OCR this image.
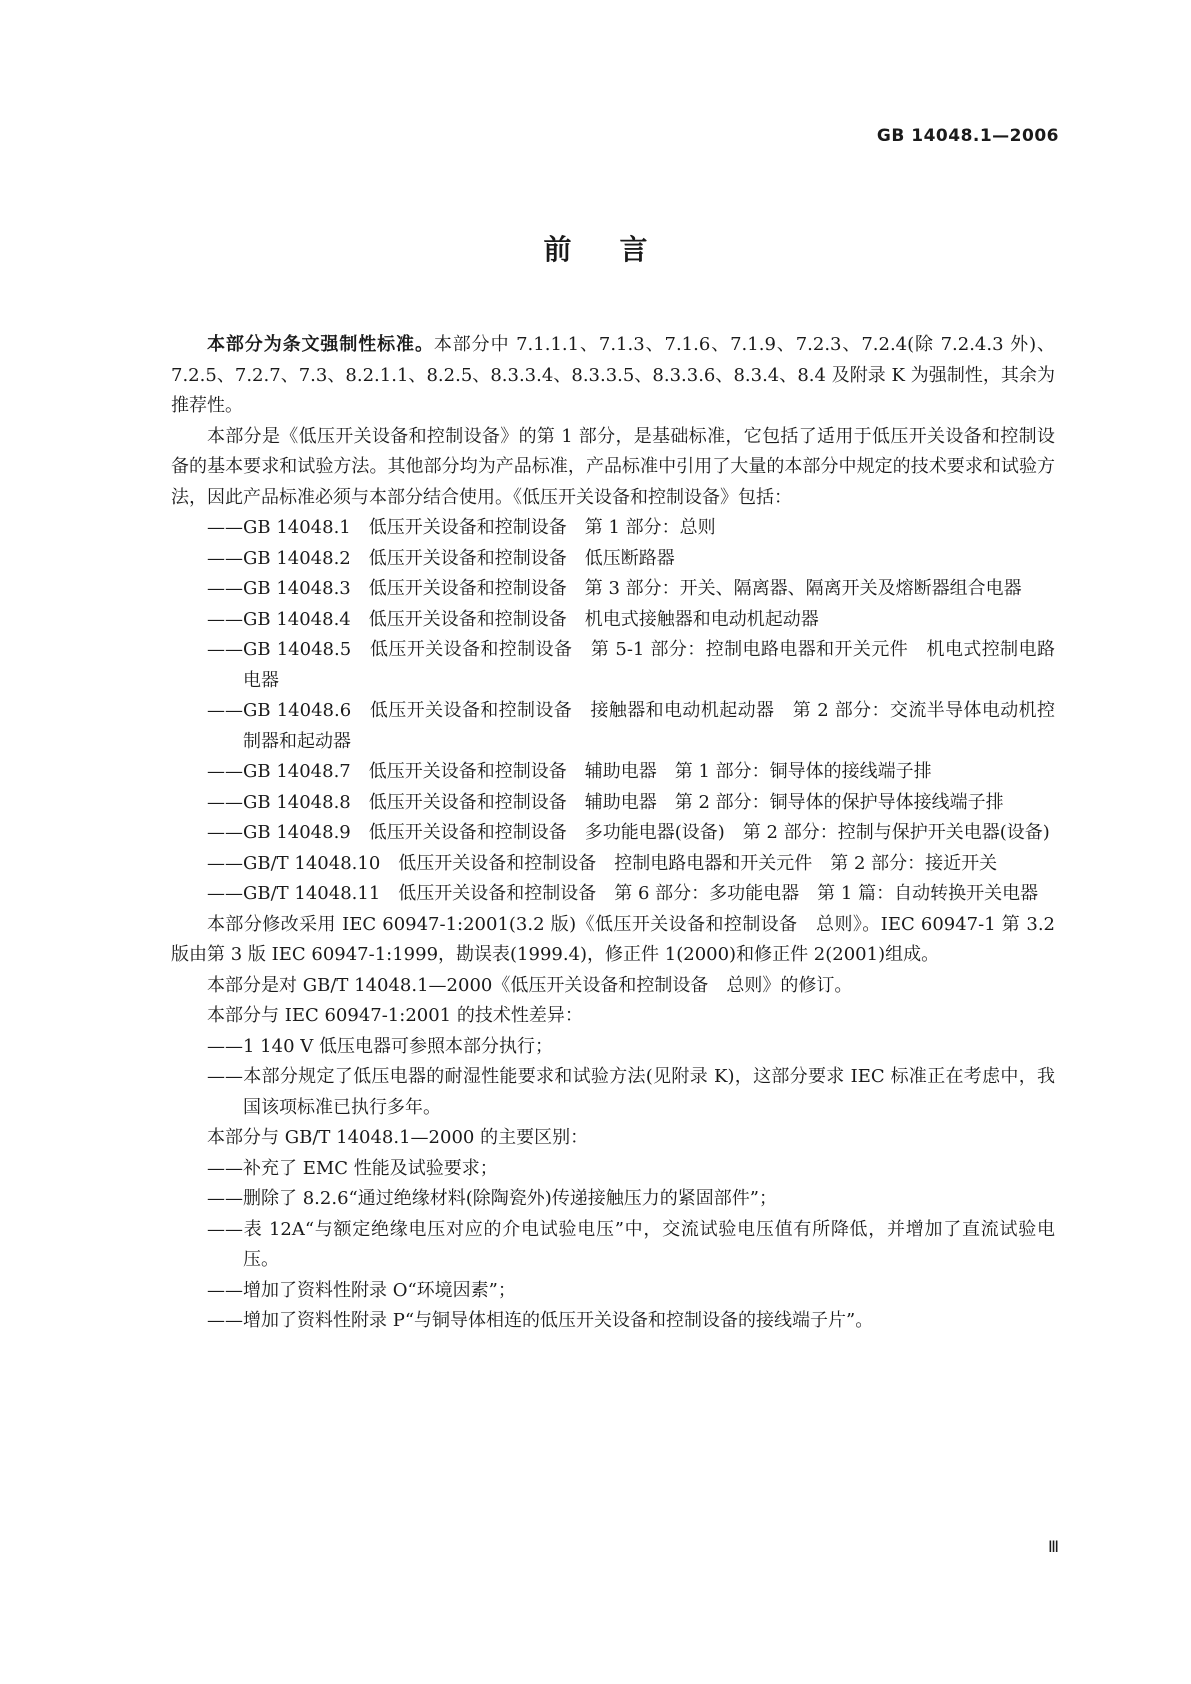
GB 14048.1—2006
前言

本部分为条文强制性标准。本部分中 7.1.1.1、7.1.3、7.1.6、7.1.9、7.2.3、7.2.4(除 7.2.4.3 外)、7.2.5、7.2.7、7.3、8.2.1.1、8.2.5、8.3.3.4、8.3.3.5、8.3.3.6、8.3.4、8.4 及附录 K 为强制性，其余为推荐性。

本部分是《低压开关设备和控制设备》的第 1 部分，是基础标准，它包括了适用于低压开关设备和控制设备的基本要求和试验方法。其他部分均为产品标准，产品标准中引用了大量的本部分中规定的技术要求和试验方法，因此产品标准必须与本部分结合使用。《低压开关设备和控制设备》包括：

——GB 14048.1　低压开关设备和控制设备　第 1 部分：总则

——GB 14048.2　低压开关设备和控制设备　低压断路器

——GB 14048.3　低压开关设备和控制设备　第 3 部分：开关、隔离器、隔离开关及熔断器组合电器

——GB 14048.4　低压开关设备和控制设备　机电式接触器和电动机起动器

——GB 14048.5　低压开关设备和控制设备　第 5-1 部分：控制电路电器和开关元件　机电式控制电路电器

——GB 14048.6　低压开关设备和控制设备　接触器和电动机起动器　第 2 部分：交流半导体电动机控制器和起动器

——GB 14048.7　低压开关设备和控制设备　辅助电器　第 1 部分：铜导体的接线端子排

——GB 14048.8　低压开关设备和控制设备　辅助电器　第 2 部分：铜导体的保护导体接线端子排

——GB 14048.9　低压开关设备和控制设备　多功能电器(设备)　第 2 部分：控制与保护开关电器(设备)

——GB/T 14048.10　低压开关设备和控制设备　控制电路电器和开关元件　第 2 部分：接近开关

——GB/T 14048.11　低压开关设备和控制设备　第 6 部分：多功能电器　第 1 篇：自动转换开关电器

本部分修改采用 IEC 60947-1:2001(3.2 版)《低压开关设备和控制设备　总则》。IEC 60947-1 第 3.2 版由第 3 版 IEC 60947-1:1999，勘误表(1999.4)，修正件 1(2000)和修正件 2(2001)组成。

本部分是对 GB/T 14048.1—2000《低压开关设备和控制设备　总则》的修订。

本部分与 IEC 60947-1:2001 的技术性差异：

——1 140 V 低压电器可参照本部分执行；

——本部分规定了低压电器的耐湿性能要求和试验方法(见附录 K)，这部分要求 IEC 标准正在考虑中，我国该项标准已执行多年。

本部分与 GB/T 14048.1—2000 的主要区别：

——补充了 EMC 性能及试验要求；

——删除了 8.2.6“通过绝缘材料(除陶瓷外)传递接触压力的紧固部件”；

——表 12A“与额定绝缘电压对应的介电试验电压”中，交流试验电压值有所降低，并增加了直流试验电压。

——增加了资料性附录 O“环境因素”；

——增加了资料性附录 P“与铜导体相连的低压开关设备和控制设备的接线端子片”。

Ⅲ
